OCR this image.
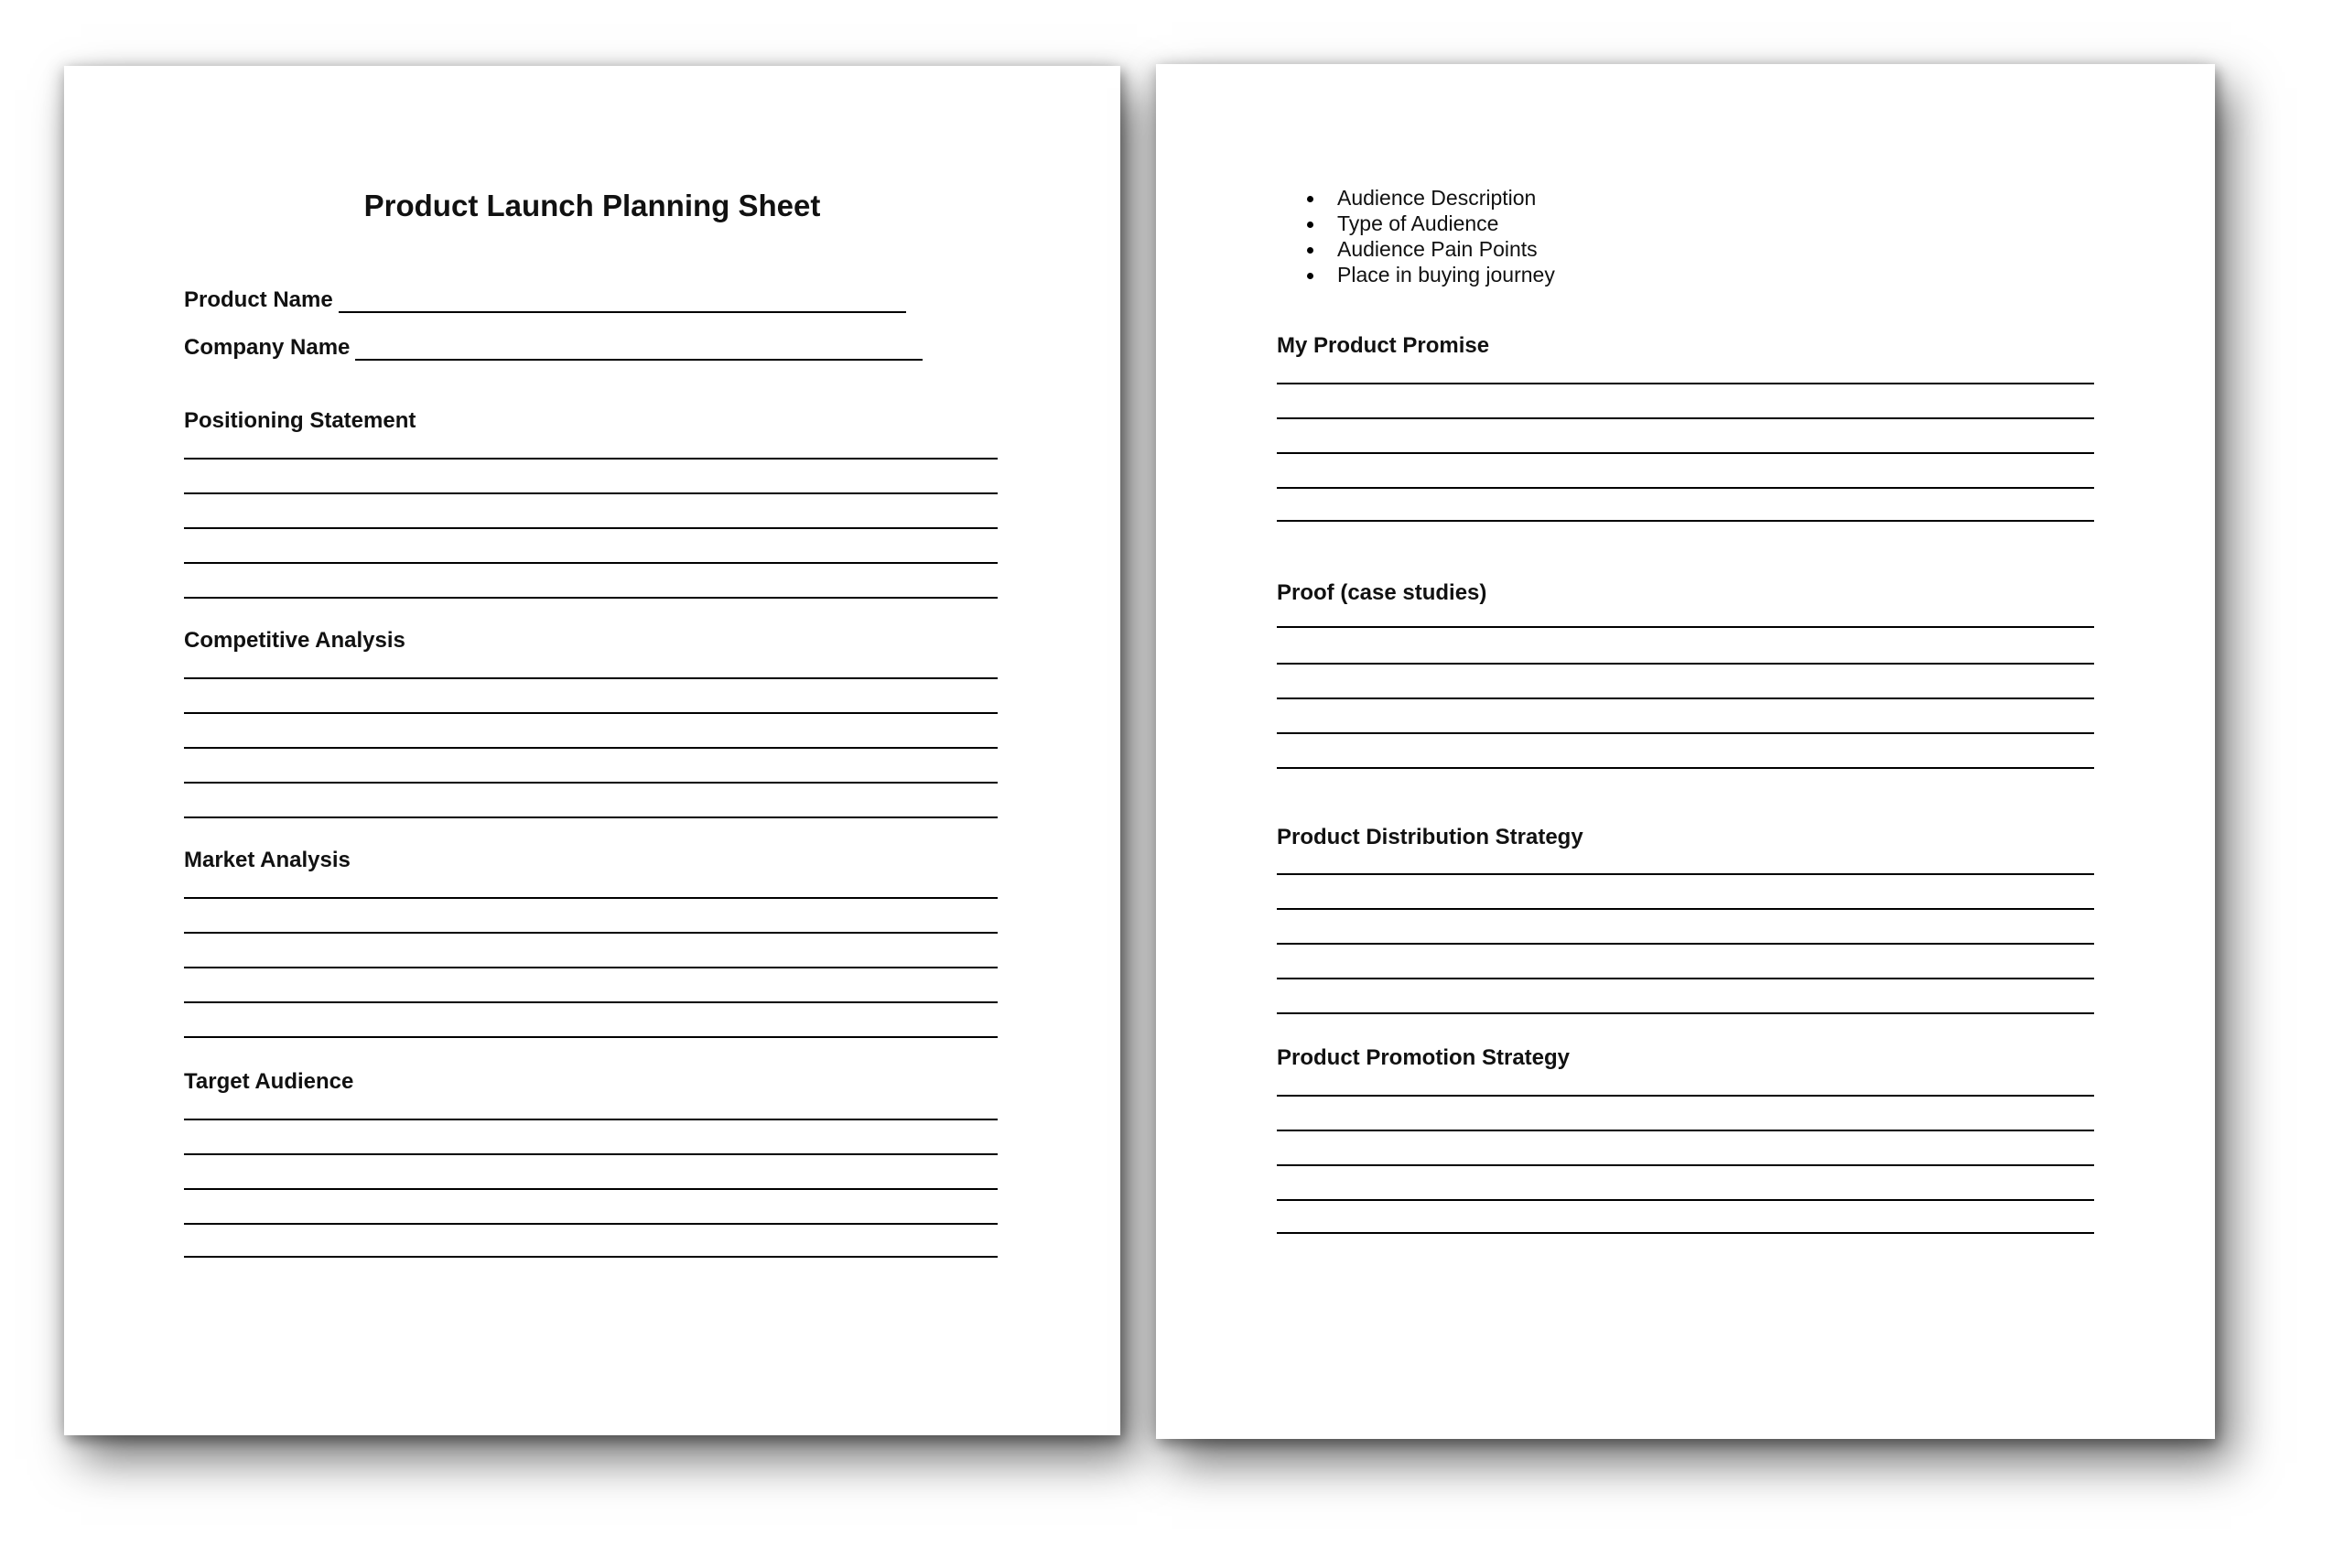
Product Launch Planning Sheet
Product Name
Company Name
Positioning Statement
Competitive Analysis
Market Analysis
Target Audience
Audience Description
Type of Audience
Audience Pain Points
Place in buying journey
My Product Promise
Proof (case studies)
Product Distribution Strategy
Product Promotion Strategy
